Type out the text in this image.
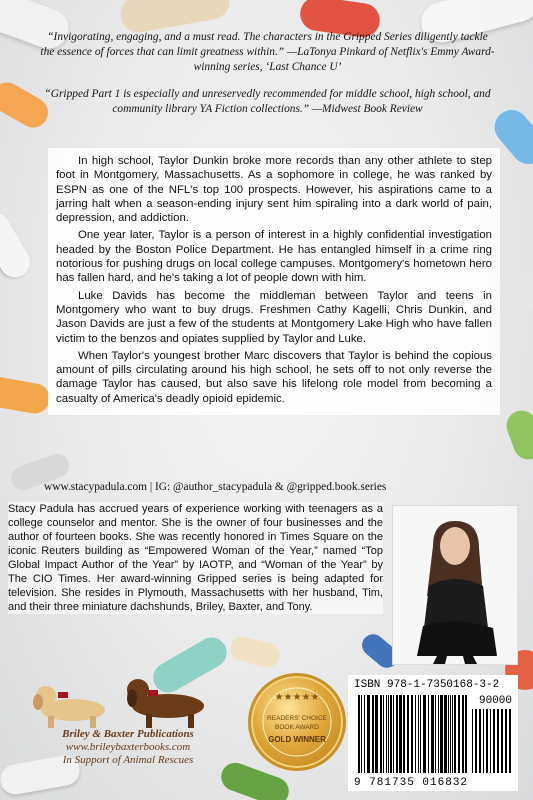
“Invigorating, engaging, and a must read. The characters in the Gripped Series diligently tackle the essence of forces that can limit greatness within.” —LaTonya Pinkard of Netflix's Emmy Award-winning series, ‘Last Chance U’

“Gripped Part 1 is especially and unreservedly recommended for middle school, high school, and community library YA Fiction collections.” —Midwest Book Review

In high school, Taylor Dunkin broke more records than any other athlete to step foot in Montgomery, Massachusetts. As a sophomore in college, he was ranked by ESPN as one of the NFL's top 100 prospects. However, his aspirations came to a jarring halt when a season-ending injury sent him spiraling into a dark world of pain, depression, and addiction.

One year later, Taylor is a person of interest in a highly confidential investigation headed by the Boston Police Department. He has entangled himself in a crime ring notorious for pushing drugs on local college campuses. Montgomery's hometown hero has fallen hard, and he's taking a lot of people down with him.

Luke Davids has become the middleman between Taylor and teens in Montgomery who want to buy drugs. Freshmen Cathy Kagelli, Chris Dunkin, and Jason Davids are just a few of the students at Montgomery Lake High who have fallen victim to the benzos and opiates supplied by Taylor and Luke.

When Taylor's youngest brother Marc discovers that Taylor is behind the copious amount of pills circulating around his high school, he sets off to not only reverse the damage Taylor has caused, but also save his lifelong role model from becoming a casualty of America's deadly opioid epidemic.

www.stacypadula.com | IG: @author_stacypadula & @gripped.book.series
Stacy Padula has accrued years of experience working with teenagers as a college counselor and mentor. She is the owner of four businesses and the author of fourteen books. She was recently honored in Times Square on the iconic Reuters building as “Empowered Woman of the Year,” named “Top Global Impact Author of the Year” by IAOTP, and “Woman of the Year” by The CIO Times. Her award-winning Gripped series is being adapted for television. She resides in Plymouth, Massachusetts with her husband, Tim, and their three miniature dachshunds, Briley, Baxter, and Tony.
Briley & Baxter Publications
www.brileybaxterbooks.com
In Support of Animal Rescues
★★★★★
READERS' CHOICE
BOOK AWARD
GOLD WINNER
ISBN 978-1-7350168-3-2
90000
9 781735 016832
